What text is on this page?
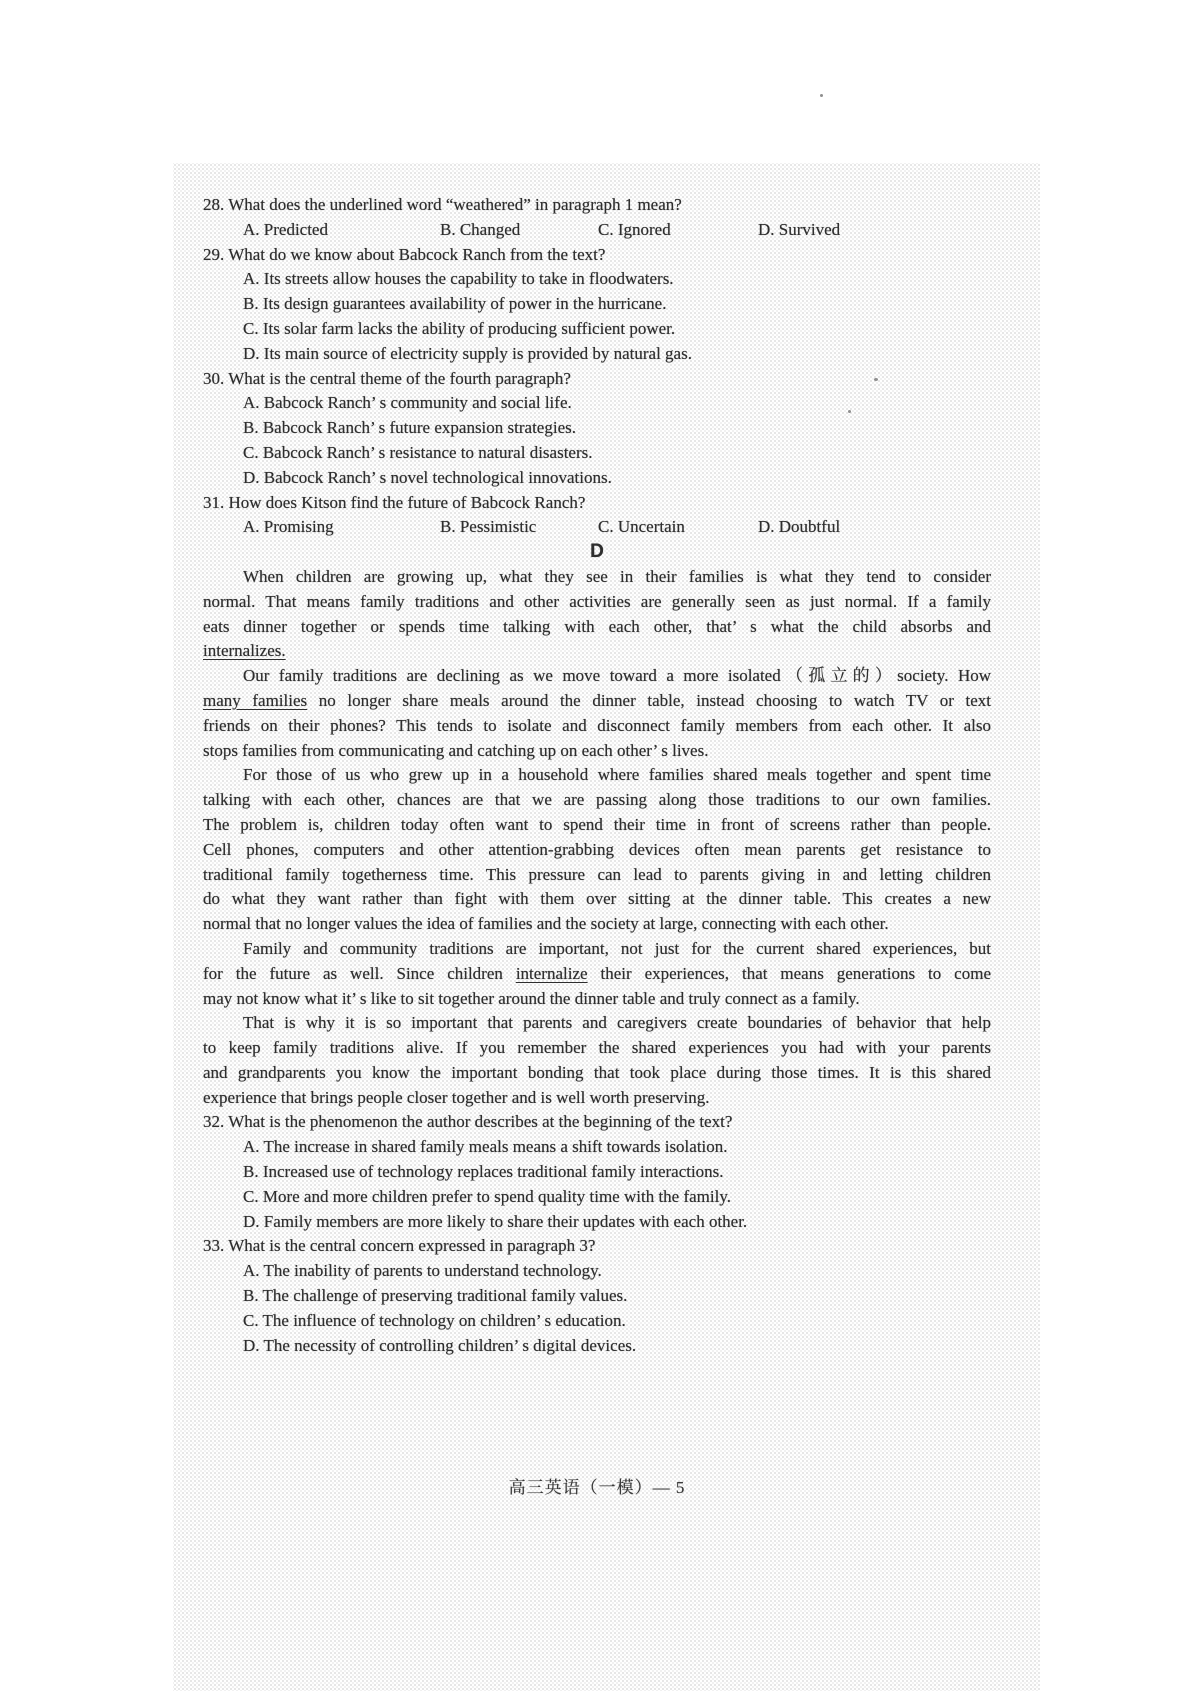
28. What does the underlined word “weathered” in paragraph 1 mean?
A. Predicted	B. Changed	C. Ignored	D. Survived
29. What do we know about Babcock Ranch from the text?
A. Its streets allow houses the capability to take in floodwaters.
B. Its design guarantees availability of power in the hurricane.
C. Its solar farm lacks the ability of producing sufficient power.
D. Its main source of electricity supply is provided by natural gas.
30. What is the central theme of the fourth paragraph?
A. Babcock Ranch’ s community and social life.
B. Babcock Ranch’ s future expansion strategies.
C. Babcock Ranch’ s resistance to natural disasters.
D. Babcock Ranch’ s novel technological innovations.
31. How does Kitson find the future of Babcock Ranch?
A. Promising	B. Pessimistic	C. Uncertain	D. Doubtful
D
When children are growing up, what they see in their families is what they tend to consider
normal. That means family traditions and other activities are generally seen as just normal. If a family
eats dinner together or spends time talking with each other, that’ s what the child absorbs and
internalizes.
Our family traditions are declining as we move toward a more isolated（孤立的）society. How
many families no longer share meals around the dinner table, instead choosing to watch TV or text
friends on their phones? This tends to isolate and disconnect family members from each other. It also
stops families from communicating and catching up on each other’ s lives.
For those of us who grew up in a household where families shared meals together and spent time
talking with each other, chances are that we are passing along those traditions to our own families.
The problem is, children today often want to spend their time in front of screens rather than people.
Cell phones, computers and other attention-grabbing devices often mean parents get resistance to
traditional family togetherness time. This pressure can lead to parents giving in and letting children
do what they want rather than fight with them over sitting at the dinner table. This creates a new
normal that no longer values the idea of families and the society at large, connecting with each other.
Family and community traditions are important, not just for the current shared experiences, but
for the future as well. Since children internalize their experiences, that means generations to come
may not know what it’ s like to sit together around the dinner table and truly connect as a family.
That is why it is so important that parents and caregivers create boundaries of behavior that help
to keep family traditions alive. If you remember the shared experiences you had with your parents
and grandparents you know the important bonding that took place during those times. It is this shared
experience that brings people closer together and is well worth preserving.
32. What is the phenomenon the author describes at the beginning of the text?
A. The increase in shared family meals means a shift towards isolation.
B. Increased use of technology replaces traditional family interactions.
C. More and more children prefer to spend quality time with the family.
D. Family members are more likely to share their updates with each other.
33. What is the central concern expressed in paragraph 3?
A. The inability of parents to understand technology.
B. The challenge of preserving traditional family values.
C. The influence of technology on children’ s education.
D. The necessity of controlling children’ s digital devices.
高三英语（一模）— 5
